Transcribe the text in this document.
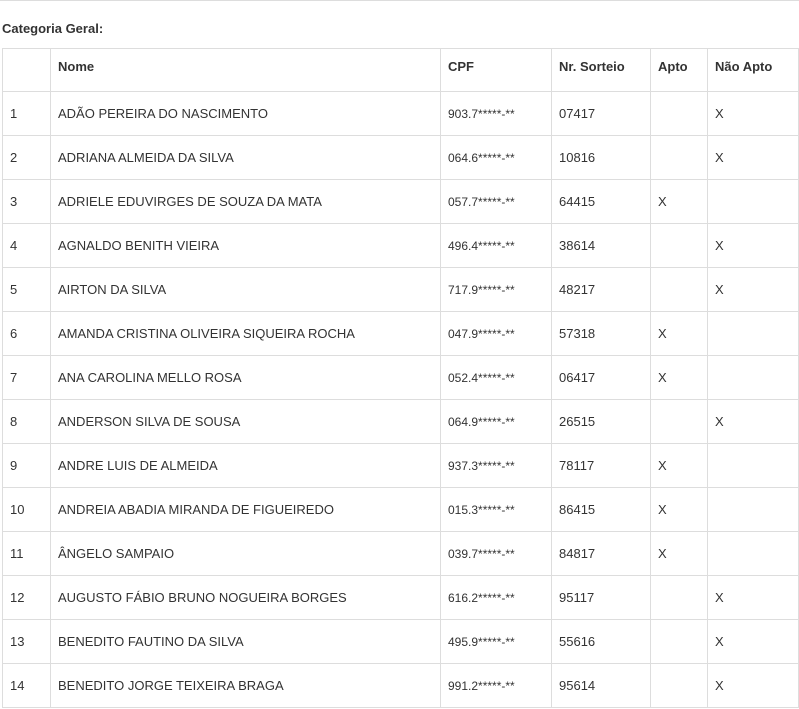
Categoria Geral:
	Nome	CPF	Nr. Sorteio	Apto	Não Apto
1	ADÃO PEREIRA DO NASCIMENTO	903.7*****-**	07417		X
2	ADRIANA ALMEIDA DA SILVA	064.6*****-**	10816		X
3	ADRIELE EDUVIRGES DE SOUZA DA MATA	057.7*****-**	64415	X	
4	AGNALDO BENITH VIEIRA	496.4*****-**	38614		X
5	AIRTON DA SILVA	717.9*****-**	48217		X
6	AMANDA CRISTINA OLIVEIRA SIQUEIRA ROCHA	047.9*****-**	57318	X	
7	ANA CAROLINA MELLO ROSA	052.4*****-**	06417	X	
8	ANDERSON SILVA DE SOUSA	064.9*****-**	26515		X
9	ANDRE LUIS DE ALMEIDA	937.3*****-**	78117	X	
10	ANDREIA ABADIA MIRANDA DE FIGUEIREDO	015.3*****-**	86415	X	
11	ÂNGELO SAMPAIO	039.7*****-**	84817	X	
12	AUGUSTO FÁBIO BRUNO NOGUEIRA BORGES	616.2*****-**	95117		X
13	BENEDITO FAUTINO DA SILVA	495.9*****-**	55616		X
14	BENEDITO JORGE TEIXEIRA BRAGA	991.2*****-**	95614		X
